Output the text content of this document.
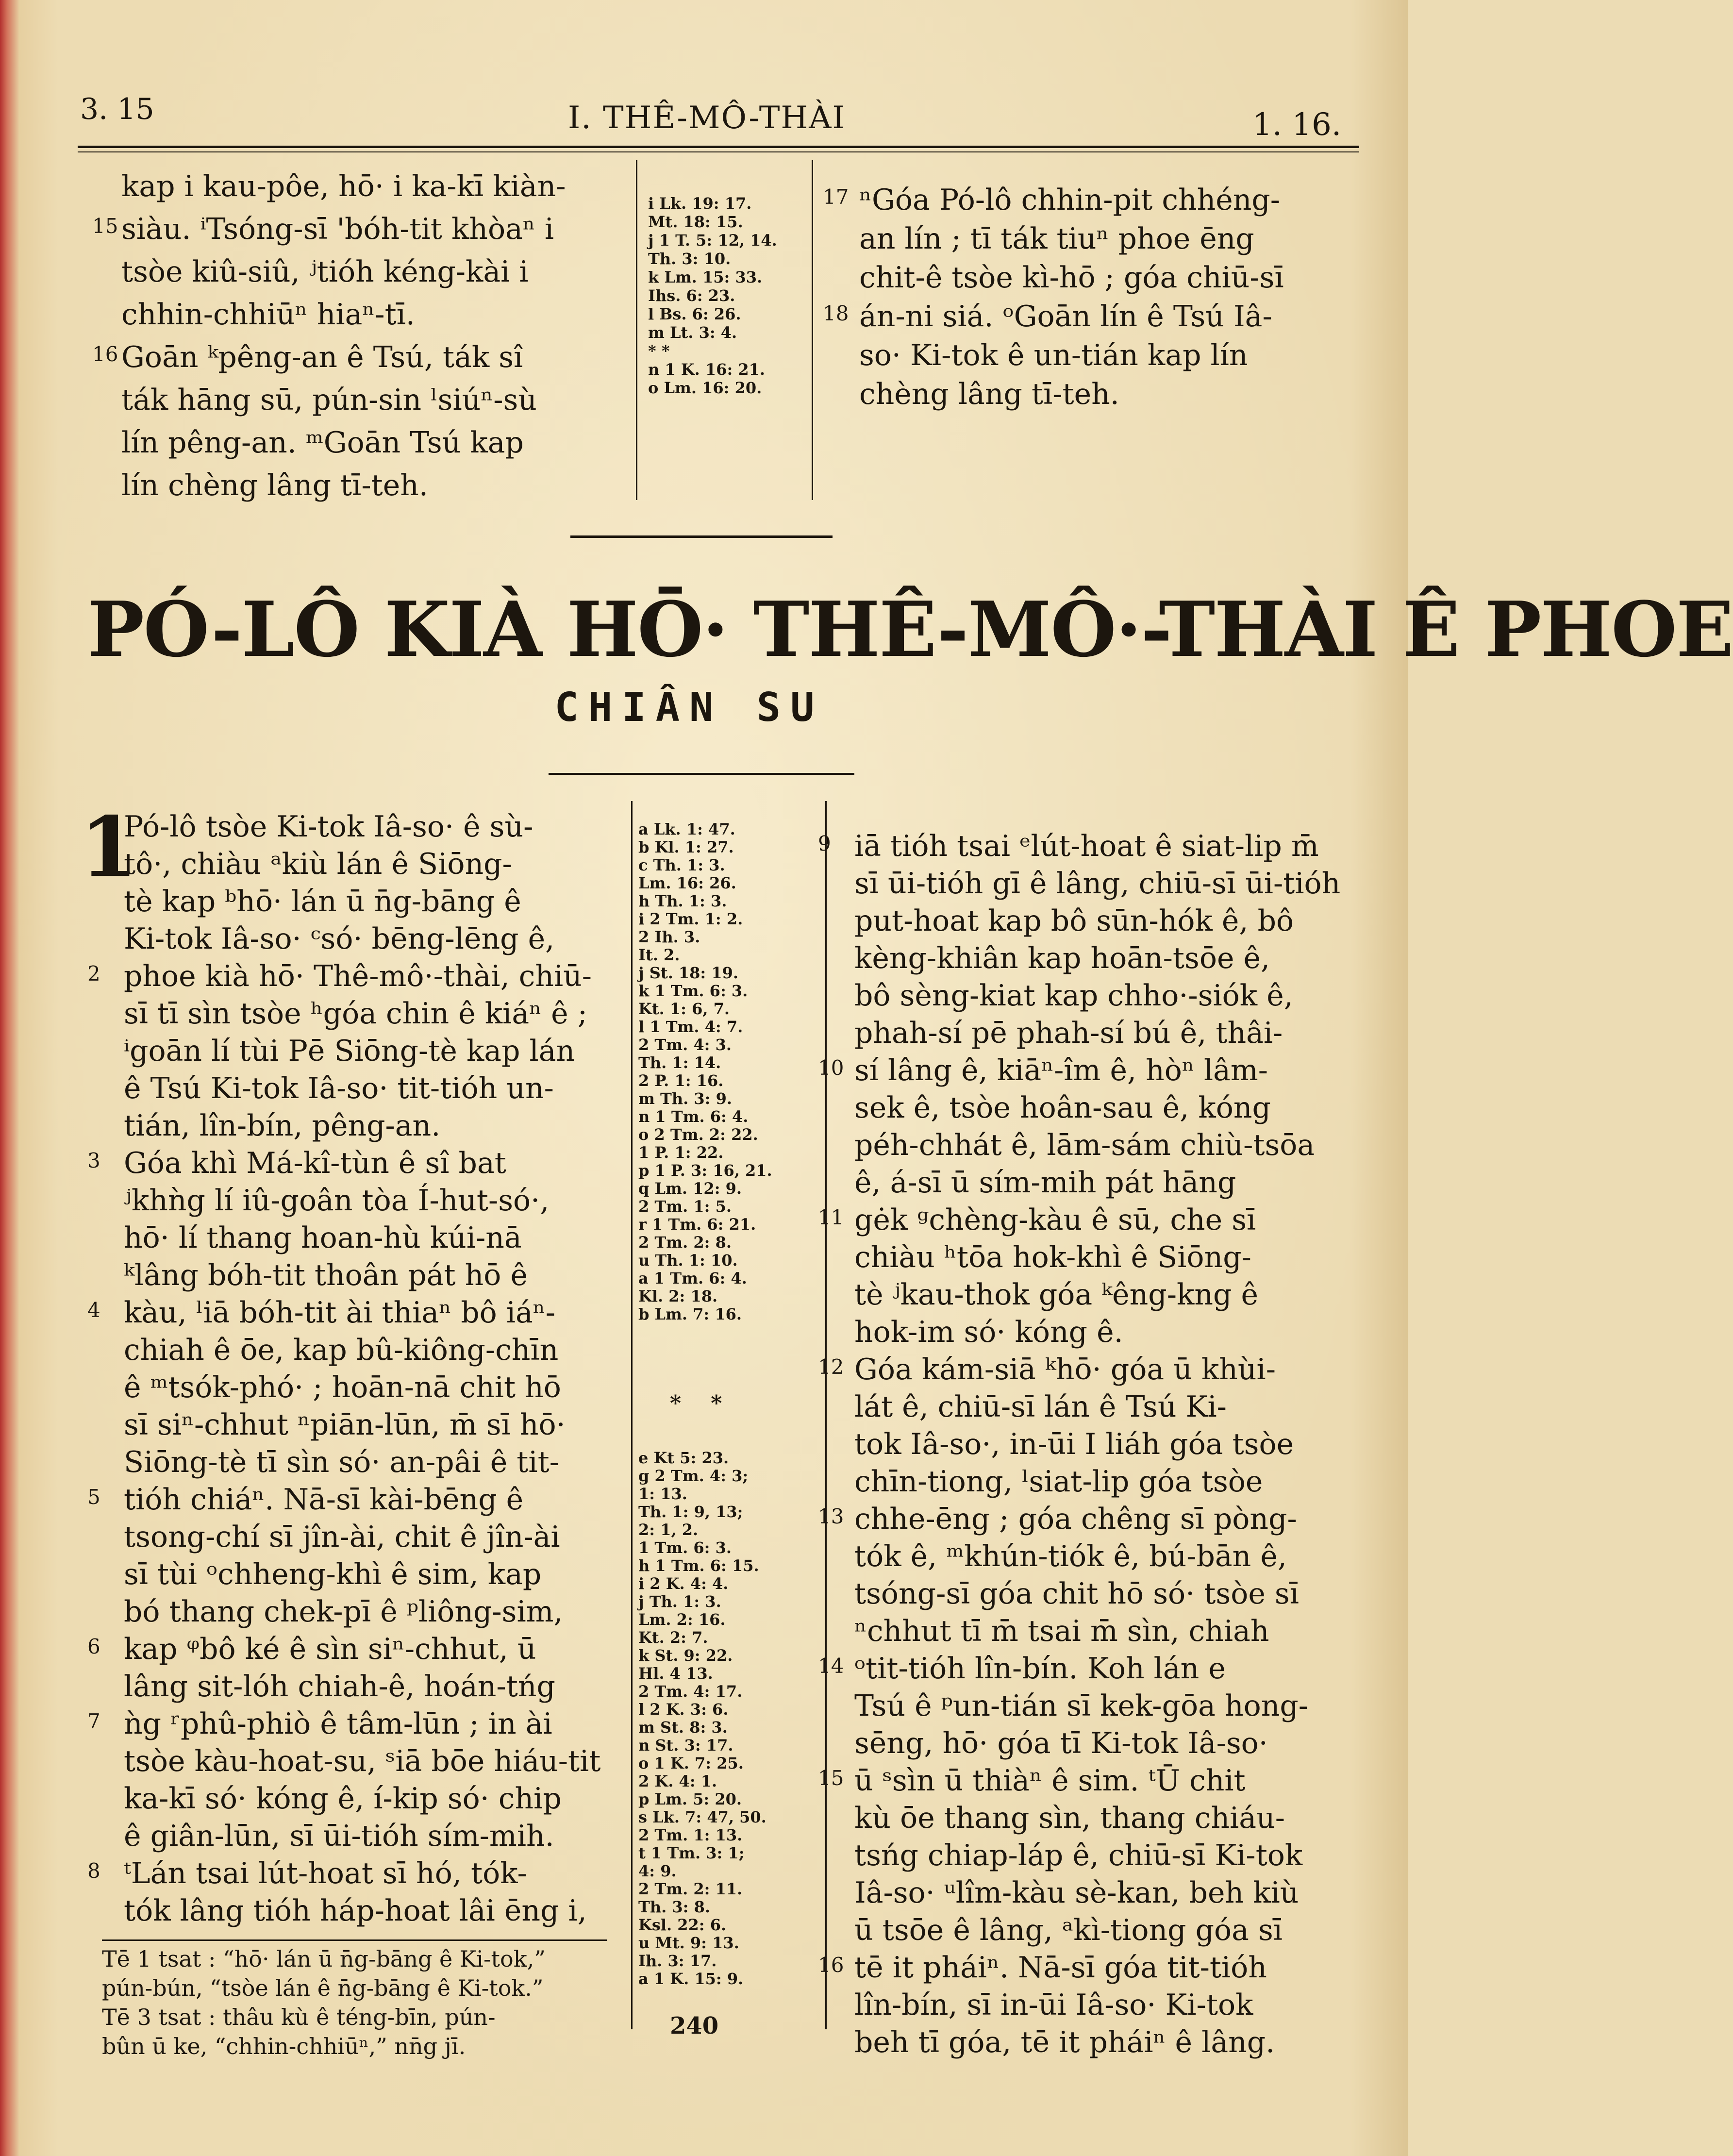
3. 15	I. THÊ-MÔ-THÀI	1. 16.
kap i kau-pôe, hō· i ka-kī kiàn-
15 siàu. ⁱTsóng-sī 'bóh-tit khòaⁿ i
tsòe kiû-siû, ʲtióh kéng-kài i
chhin-chhiūⁿ hiaⁿ-tī.
16 Goān ᵏpêng-an ê Tsú, ták sî
ták hāng sū, pún-sin ˡsiúⁿ-sù
lín pêng-an. ᵐGoān Tsú kap
lín chèng lâng tī-teh.
i Lk. 19: 17.
Mt. 18: 15.
j 1 T. 5: 12, 14.
Th. 3: 10.
k Lm. 15: 33.
Ihs. 6: 23.
l Bs. 6: 26.
m Lt. 3: 4.
* *
n 1 K. 16: 21.
o Lm. 16: 20.
17 ⁿGóa Pó-lô chhin-pit chhéng-
an lín ; tī ták tiuⁿ phoe ēng
chit-ê tsòe kì-hō ; góa chiū-sī
18 án-ni siá. ᵒGoān lín ê Tsú Iâ-
so· Ki-tok ê un-tián kap lín
chèng lâng tī-teh.
PÓ-LÔ KIÀ HŌ· THÊ-MÔ·-THÀI Ê PHOE
CHIÂN SU
1
Pó-lô tsòe Ki-tok Iâ-so· ê sù-
tô·, chiàu ᵃkiù lán ê Siōng-
tè kap ᵇhō· lán ū n̄g-bāng ê
Ki-tok Iâ-so· ᶜsó· bēng-lēng ê,
2 phoe kià hō· Thê-mô·-thài, chiū-
sī tī sìn tsòe ʰgóa chin ê kiáⁿ ê ;
ⁱgoān lí tùi Pē Siōng-tè kap lán
ê Tsú Ki-tok Iâ-so· tit-tióh un-
tián, lîn-bín, pêng-an.
3 Góa khì Má-kî-tùn ê sî bat
ʲkhǹg lí iû-goân tòa Í-hut-só·,
hō· lí thang hoan-hù kúi-nā
ᵏlâng bóh-tit thoân pát hō ê
4 kàu, ˡiā bóh-tit ài thiaⁿ bô iáⁿ-
chiah ê ōe, kap bû-kiông-chīn
ê ᵐtsók-phó· ; hoān-nā chit hō
sī siⁿ-chhut ⁿpiān-lūn, m̄ sī hō·
Siōng-tè tī sìn só· an-pâi ê tit-
5 tióh chiáⁿ. Nā-sī kài-bēng ê
tsong-chí sī jîn-ài, chit ê jîn-ài
sī tùi ᵒchheng-khì ê sim, kap
bó thang chek-pī ê ᵖliông-sim,
6 kap ᵠbô ké ê sìn siⁿ-chhut, ū
lâng sit-lóh chiah-ê, hoán-tńg
7 ǹg ʳphû-phiò ê tâm-lūn ; in ài
tsòe kàu-hoat-su, ˢiā bōe hiáu-tit
ka-kī só· kóng ê, í-kip só· chip
ê giân-lūn, sī ūi-tióh sím-mih.
8 ᵗLán tsai lút-hoat sī hó, tók-
tók lâng tióh háp-hoat lâi ēng i,
a Lk. 1: 47.
b Kl. 1: 27.
c Th. 1: 3.
Lm. 16: 26.
h Th. 1: 3.
i 2 Tm. 1: 2.
2 Ih. 3.
It. 2.
j St. 18: 19.
k 1 Tm. 6: 3.
Kt. 1: 6, 7.
l 1 Tm. 4: 7.
2 Tm. 4: 3.
Th. 1: 14.
2 P. 1: 16.
m Th. 3: 9.
n 1 Tm. 6: 4.
o 2 Tm. 2: 22.
1 P. 1: 22.
p 1 P. 3: 16, 21.
q Lm. 12: 9.
2 Tm. 1: 5.
r 1 Tm. 6: 21.
2 Tm. 2: 8.
u Th. 1: 10.
a 1 Tm. 6: 4.
Kl. 2: 18.
b Lm. 7: 16.
*    *
e Kt 5: 23.
g 2 Tm. 4: 3;
1: 13.
Th. 1: 9, 13;
2: 1, 2.
1 Tm. 6: 3.
h 1 Tm. 6: 15.
i 2 K. 4: 4.
j Th. 1: 3.
Lm. 2: 16.
Kt. 2: 7.
k St. 9: 22.
Hl. 4 13.
2 Tm. 4: 17.
l 2 K. 3: 6.
m St. 8: 3.
n St. 3: 17.
o 1 K. 7: 25.
2 K. 4: 1.
p Lm. 5: 20.
s Lk. 7: 47, 50.
2 Tm. 1: 13.
t 1 Tm. 3: 1;
4: 9.
2 Tm. 2: 11.
Th. 3: 8.
Ksl. 22: 6.
u Mt. 9: 13.
Ih. 3: 17.
a 1 K. 15: 9.
9 iā tióh tsai ᵉlút-hoat ê siat-lip m̄
sī ūi-tióh gī ê lâng, chiū-sī ūi-tióh
put-hoat kap bô sūn-hók ê, bô
kèng-khiân kap hoān-tsōe ê,
bô sèng-kiat kap chho·-siók ê,
phah-sí pē phah-sí bú ê, thâi-
10 sí lâng ê, kiāⁿ-îm ê, hòⁿ lâm-
sek ê, tsòe hoân-sau ê, kóng
péh-chhát ê, lām-sám chiù-tsōa
ê, á-sī ū sím-mih pát hāng
11 gėk ᵍchèng-kàu ê sū, che sī
chiàu ʰtōa hok-khì ê Siōng-
tè ʲkau-thok góa ᵏêng-kng ê
hok-im só· kóng ê.
12 Góa kám-siā ᵏhō· góa ū khùi-
lát ê, chiū-sī lán ê Tsú Ki-
tok Iâ-so·, in-ūi I liáh góa tsòe
chīn-tiong, ˡsiat-lip góa tsòe
13 chhe-ēng ; góa chêng sī pòng-
tók ê, ᵐkhún-tiók ê, bú-bān ê,
tsóng-sī góa chit hō só· tsòe sī
ⁿchhut tī m̄ tsai m̄ sìn, chiah
14 ᵒtit-tióh lîn-bín. Koh lán e
Tsú ê ᵖun-tián sī kek-gōa hong-
sēng, hō· góa tī Ki-tok Iâ-so·
15 ū ˢsìn ū thiàⁿ ê sim. ᵗŪ chit
kù ōe thang sìn, thang chiáu-
tsńg chiap-láp ê, chiū-sī Ki-tok
Iâ-so· ᵘlîm-kàu sè-kan, beh kiù
ū tsōe ê lâng, ᵃkì-tiong góa sī
16 tē it pháiⁿ. Nā-sī góa tit-tióh
lîn-bín, sī in-ūi Iâ-so· Ki-tok
beh tī góa, tē it pháiⁿ ê lâng.
Tē 1 tsat : “hō· lán ū n̄g-bāng ê Ki-tok,”
pún-bún, “tsòe lán ê n̄g-bāng ê Ki-tok.”
Tē 3 tsat : thâu kù ê téng-bīn, pún-
bûn ū ke, “chhin-chhiūⁿ,” nn̄g jī.
240
